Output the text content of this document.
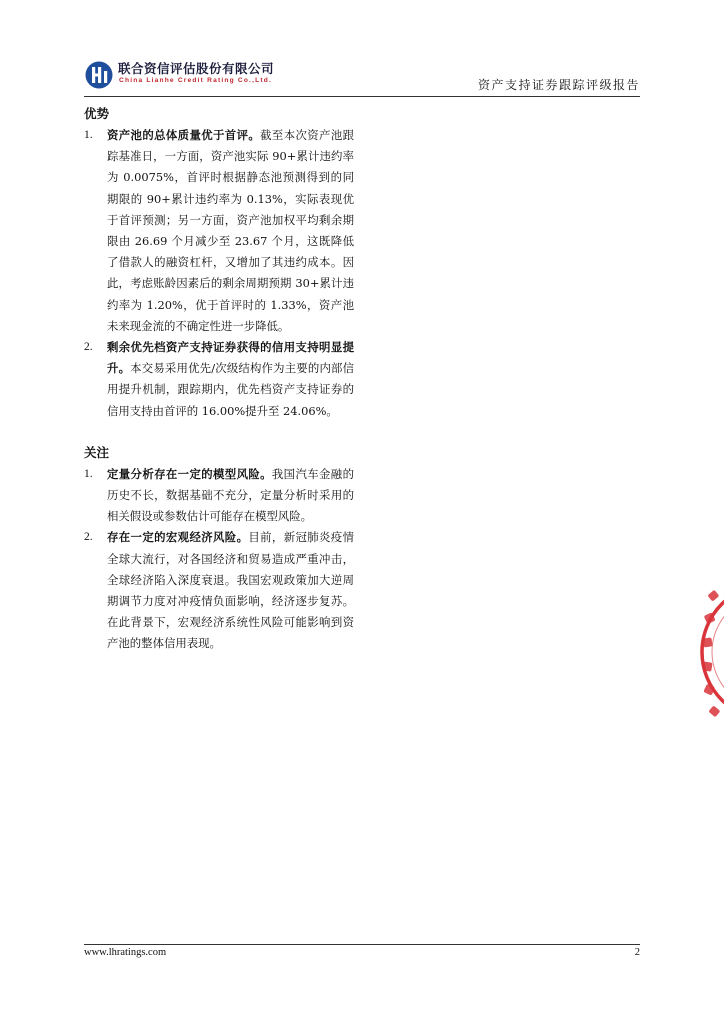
联合资信评估股份有限公司
China Lianhe Credit Rating Co.,Ltd.	资产支持证券跟踪评级报告
优势
1. 资产池的总体质量优于首评。截至本次资产池跟踪基准日，一方面，资产池实际 90+累计违约率为 0.0075%，首评时根据静态池预测得到的同期限的 90+累计违约率为 0.13%，实际表现优于首评预测；另一方面，资产池加权平均剩余期限由 26.69 个月减少至 23.67 个月，这既降低了借款人的融资杠杆，又增加了其违约成本。因此，考虑账龄因素后的剩余周期预期 30+累计违约率为 1.20%，优于首评时的 1.33%，资产池未来现金流的不确定性进一步降低。
2. 剩余优先档资产支持证券获得的信用支持明显提升。本交易采用优先/次级结构作为主要的内部信用提升机制，跟踪期内，优先档资产支持证券的信用支持由首评的 16.00%提升至 24.06%。
关注
1. 定量分析存在一定的模型风险。我国汽车金融的历史不长，数据基础不充分，定量分析时采用的相关假设或参数估计可能存在模型风险。
2. 存在一定的宏观经济风险。目前，新冠肺炎疫情全球大流行，对各国经济和贸易造成严重冲击，全球经济陷入深度衰退。我国宏观政策加大逆周期调节力度对冲疫情负面影响，经济逐步复苏。在此背景下，宏观经济系统性风险可能影响到资产池的整体信用表现。
www.lhratings.com	2
